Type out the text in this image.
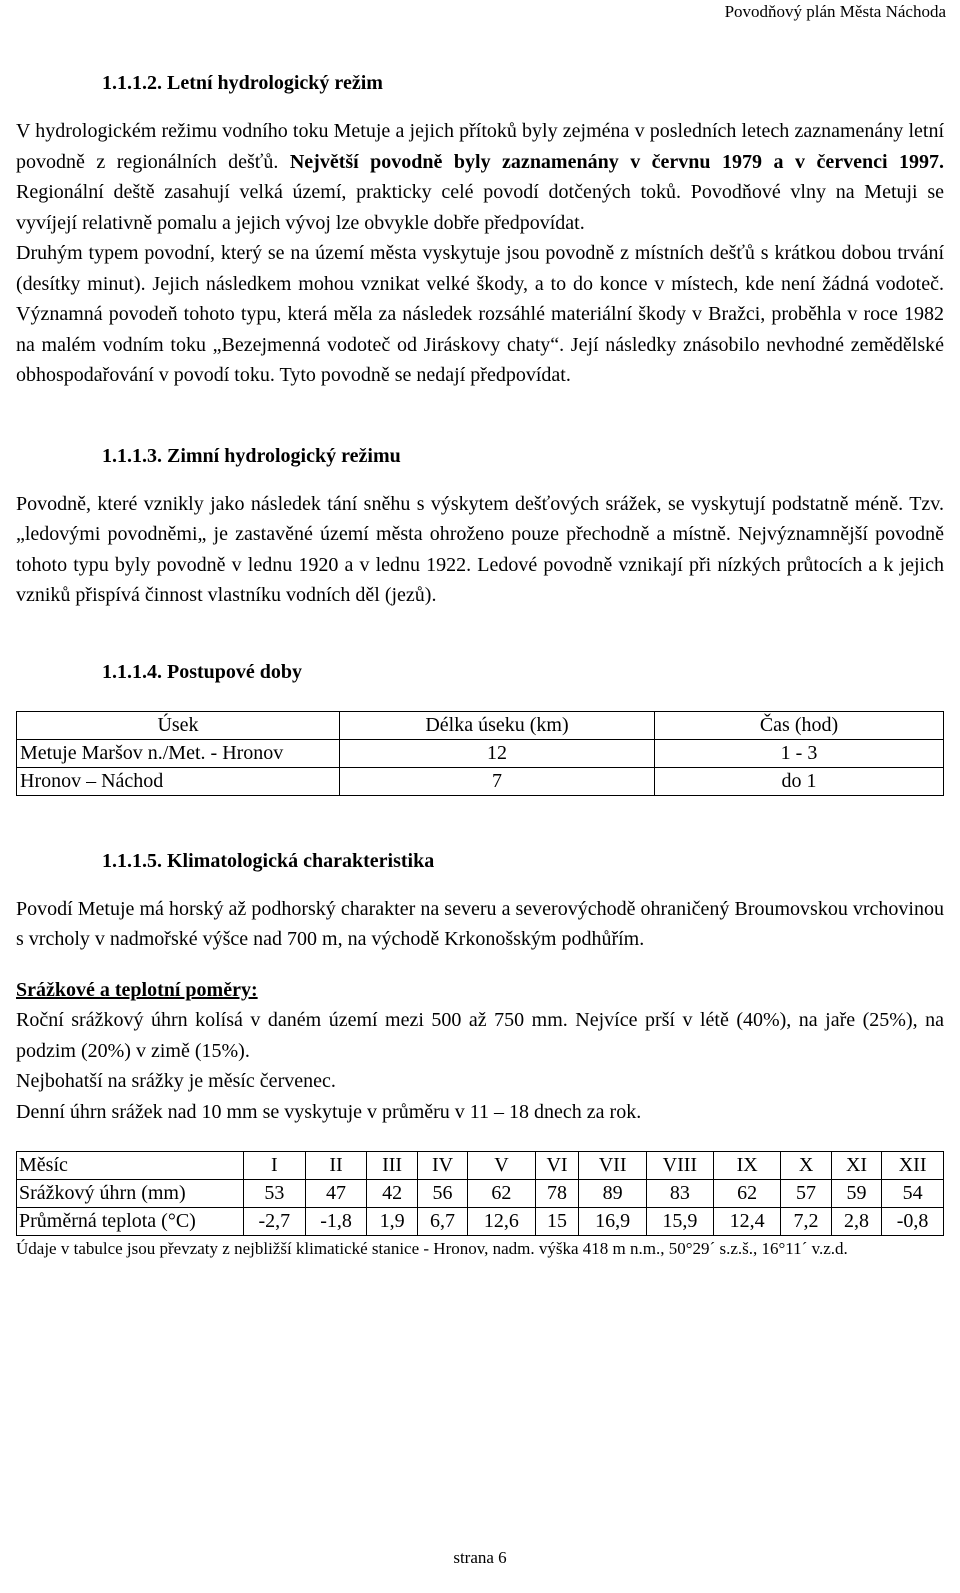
Povodňový plán Města Náchoda
1.1.1.2. Letní hydrologický režim

V hydrologickém režimu vodního toku Metuje a jejich přítoků byly zejména v posledních letech zaznamenány letní povodně z regionálních dešťů. Největší povodně byly zaznamenány v červnu 1979 a v červenci 1997. Regionální deště zasahují velká území, prakticky celé povodí dotčených toků. Povodňové vlny na Metuji se vyvíjejí relativně pomalu a jejich vývoj lze obvykle dobře předpovídat.

Druhým typem povodní, který se na území města vyskytuje jsou povodně z místních dešťů s krátkou dobou trvání (desítky minut). Jejich následkem mohou vznikat velké škody, a to do konce v místech, kde není žádná vodoteč. Významná povodeň tohoto typu, která měla za následek rozsáhlé materiální škody v Bražci, proběhla v roce 1982 na malém vodním toku „Bezejmenná vodoteč od Jiráskovy chaty“. Její následky znásobilo nevhodné zemědělské obhospodařování v povodí toku. Tyto povodně se nedají předpovídat.

1.1.1.3. Zimní hydrologický režimu

Povodně, které vznikly jako následek tání sněhu s výskytem dešťových srážek, se vyskytují podstatně méně. Tzv. „ledovými povodněmi„ je zastavěné území města ohroženo pouze přechodně a místně. Nejvýznamnější povodně tohoto typu byly povodně v lednu 1920 a v lednu 1922. Ledové povodně vznikají při nízkých průtocích a k jejich vzniků přispívá činnost vlastníku vodních děl (jezů).

1.1.1.4. Postupové doby
Úsek	Délka úseku (km)	Čas (hod)
Metuje Maršov n./Met. - Hronov	12	1 - 3
Hronov – Náchod	7	do 1
1.1.1.5. Klimatologická charakteristika

Povodí Metuje má horský až podhorský charakter na severu a severovýchodě ohraničený Broumovskou vrchovinou s vrcholy v nadmořské výšce nad 700 m, na východě Krkonošským podhůřím.

Srážkové a teplotní poměry:

Roční srážkový úhrn kolísá v daném území mezi 500 až 750 mm. Nejvíce prší v létě (40%), na jaře (25%), na podzim (20%) v zimě (15%).

Nejbohatší na srážky je měsíc červenec.

Denní úhrn srážek nad 10 mm se vyskytuje v průměru v 11 – 18 dnech za rok.

Měsíc	I	II	III	IV	V	VI	VII	VIII	IX	X	XI	XII
Srážkový úhrn (mm)	53	47	42	56	62	78	89	83	62	57	59	54
Průměrná teplota (°C)	-2,7	-1,8	1,9	6,7	12,6	15	16,9	15,9	12,4	7,2	2,8	-0,8

Údaje v tabulce jsou převzaty z nejbližší klimatické stanice - Hronov, nadm. výška 418 m n.m., 50°29´ s.z.š., 16°11´ v.z.d.

strana 6
